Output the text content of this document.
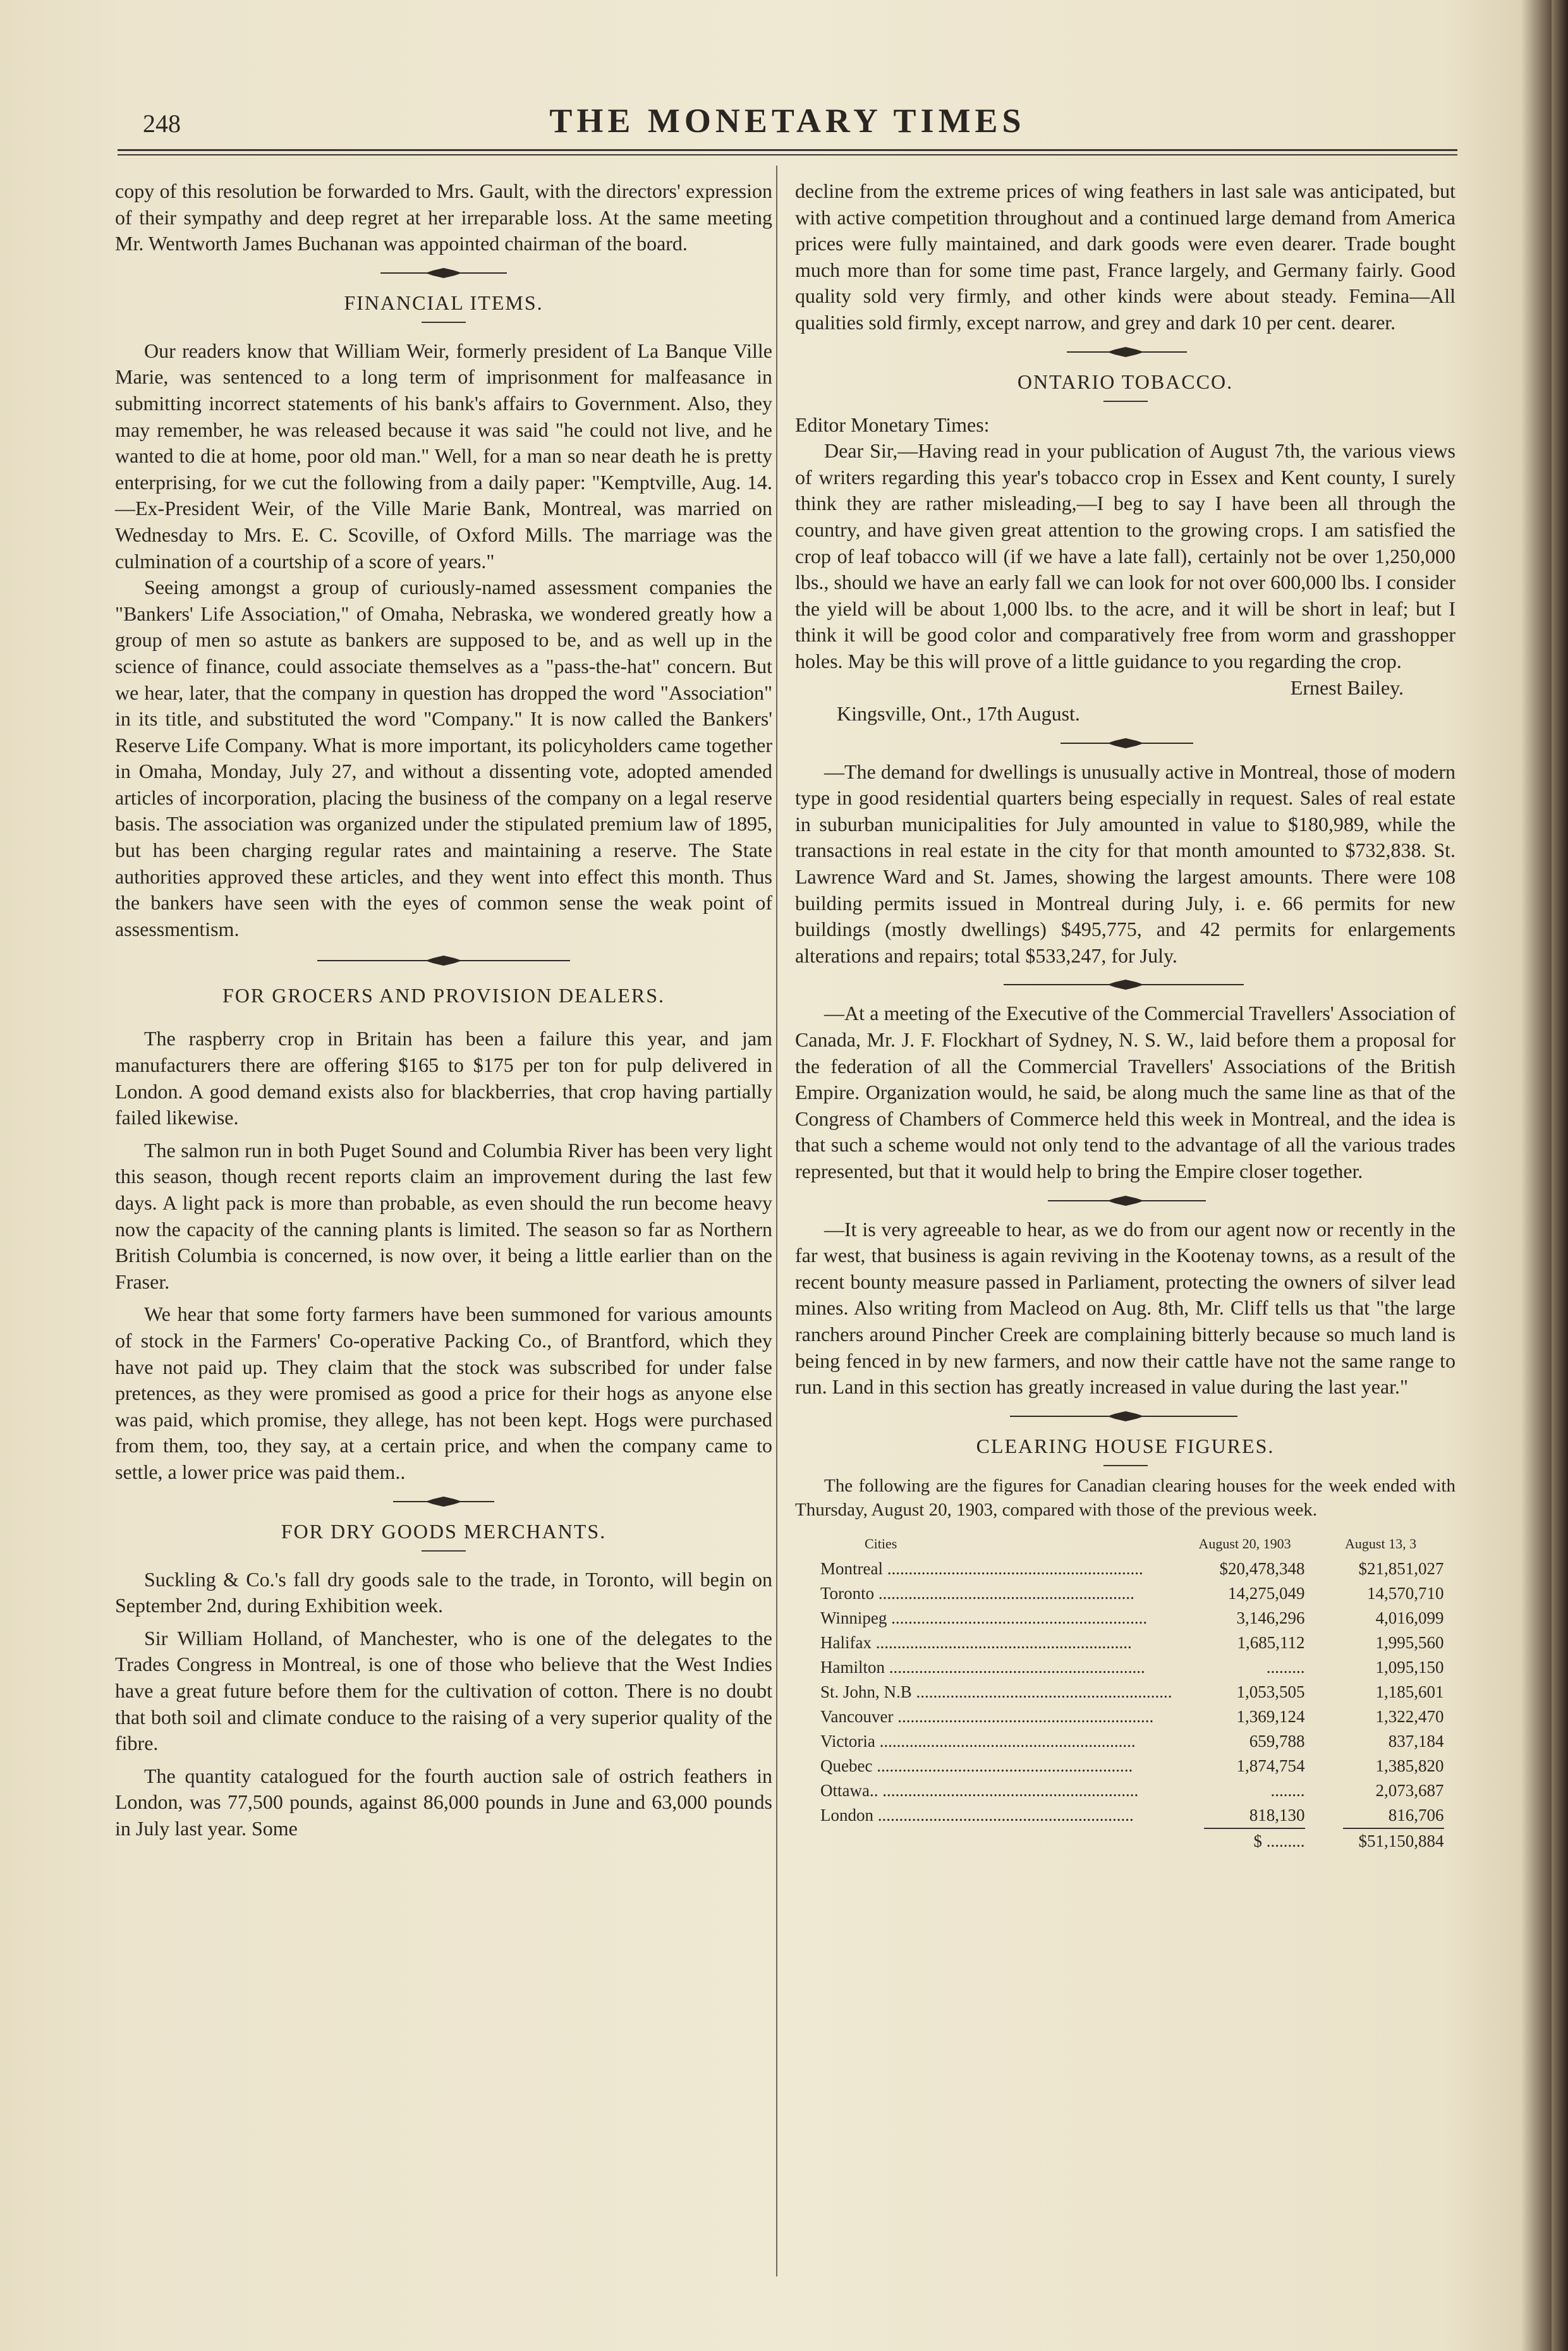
248	THE MONETARY TIMES

copy of this resolution be forwarded to Mrs. Gault, with the directors' expression of their sympathy and deep regret at her irreparable loss. At the same meeting Mr. Wentworth James Buchanan was appointed chairman of the board.

FINANCIAL ITEMS.

Our readers know that William Weir, formerly president of La Banque Ville Marie, was sentenced to a long term of imprisonment for malfeasance in submitting incorrect statements of his bank's affairs to Government. Also, they may remember, he was released because it was said "he could not live, and he wanted to die at home, poor old man." Well, for a man so near death he is pretty enterprising, for we cut the following from a daily paper: "Kemptville, Aug. 14.—Ex-President Weir, of the Ville Marie Bank, Montreal, was married on Wednesday to Mrs. E. C. Scoville, of Oxford Mills. The marriage was the culmination of a courtship of a score of years."

Seeing amongst a group of curiously-named assessment companies the "Bankers' Life Association," of Omaha, Nebraska, we wondered greatly how a group of men so astute as bankers are supposed to be, and as well up in the science of finance, could associate themselves as a "pass-the-hat" concern. But we hear, later, that the company in question has dropped the word "Association" in its title, and substituted the word "Company." It is now called the Bankers' Reserve Life Company. What is more important, its policyholders came together in Omaha, Monday, July 27, and without a dissenting vote, adopted amended articles of incorporation, placing the business of the company on a legal reserve basis. The association was organized under the stipulated premium law of 1895, but has been charging regular rates and maintaining a reserve. The State authorities approved these articles, and they went into effect this month. Thus the bankers have seen with the eyes of common sense the weak point of assessmentism.

FOR GROCERS AND PROVISION DEALERS.

The raspberry crop in Britain has been a failure this year, and jam manufacturers there are offering $165 to $175 per ton for pulp delivered in London. A good demand exists also for blackberries, that crop having partially failed likewise.

The salmon run in both Puget Sound and Columbia River has been very light this season, though recent reports claim an improvement during the last few days. A light pack is more than probable, as even should the run become heavy now the capacity of the canning plants is limited. The season so far as Northern British Columbia is concerned, is now over, it being a little earlier than on the Fraser.

We hear that some forty farmers have been summoned for various amounts of stock in the Farmers' Co-operative Packing Co., of Brantford, which they have not paid up. They claim that the stock was subscribed for under false pretences, as they were promised as good a price for their hogs as anyone else was paid, which promise, they allege, has not been kept. Hogs were purchased from them, too, they say, at a certain price, and when the company came to settle, a lower price was paid them..

FOR DRY GOODS MERCHANTS.

Suckling & Co.'s fall dry goods sale to the trade, in Toronto, will begin on September 2nd, during Exhibition week.

Sir William Holland, of Manchester, who is one of the delegates to the Trades Congress in Montreal, is one of those who believe that the West Indies have a great future before them for the cultivation of cotton. There is no doubt that both soil and climate conduce to the raising of a very superior quality of the fibre.

The quantity catalogued for the fourth auction sale of ostrich feathers in London, was 77,500 pounds, against 86,000 pounds in June and 63,000 pounds in July last year. Some

decline from the extreme prices of wing feathers in last sale was anticipated, but with active competition throughout and a continued large demand from America prices were fully maintained, and dark goods were even dearer. Trade bought much more than for some time past, France largely, and Germany fairly. Good quality sold very firmly, and other kinds were about steady. Femina—All qualities sold firmly, except narrow, and grey and dark 10 per cent. dearer.

ONTARIO TOBACCO.

Editor Monetary Times:

Dear Sir,—Having read in your publication of August 7th, the various views of writers regarding this year's tobacco crop in Essex and Kent county, I surely think they are rather misleading,—I beg to say I have been all through the country, and have given great attention to the growing crops. I am satisfied the crop of leaf tobacco will (if we have a late fall), certainly not be over 1,250,000 lbs., should we have an early fall we can look for not over 600,000 lbs. I consider the yield will be about 1,000 lbs. to the acre, and it will be short in leaf; but I think it will be good color and comparatively free from worm and grasshopper holes. May be this will prove of a little guidance to you regarding the crop.

Ernest Bailey.

Kingsville, Ont., 17th August.

—The demand for dwellings is unusually active in Montreal, those of modern type in good residential quarters being especially in request. Sales of real estate in suburban municipalities for July amounted in value to $180,989, while the transactions in real estate in the city for that month amounted to $732,838. St. Lawrence Ward and St. James, showing the largest amounts. There were 108 building permits issued in Montreal during July, i. e. 66 permits for new buildings (mostly dwellings) $495,775, and 42 permits for enlargements alterations and repairs; total $533,247, for July.

—At a meeting of the Executive of the Commercial Travellers' Association of Canada, Mr. J. F. Flockhart of Sydney, N. S. W., laid before them a proposal for the federation of all the Commercial Travellers' Associations of the British Empire. Organization would, he said, be along much the same line as that of the Congress of Chambers of Commerce held this week in Montreal, and the idea is that such a scheme would not only tend to the advantage of all the various trades represented, but that it would help to bring the Empire closer together.

—It is very agreeable to hear, as we do from our agent now or recently in the far west, that business is again reviving in the Kootenay towns, as a result of the recent bounty measure passed in Parliament, protecting the owners of silver lead mines. Also writing from Macleod on Aug. 8th, Mr. Cliff tells us that "the large ranchers around Pincher Creek are complaining bitterly because so much land is being fenced in by new farmers, and now their cattle have not the same range to run. Land in this section has greatly increased in value during the last year."

CLEARING HOUSE FIGURES.

The following are the figures for Canadian clearing houses for the week ended with Thursday, August 20, 1903, compared with those of the previous week.

Cities	August 20, 1903	August 13, 3
Montreal ............................................................	$20,478,348	$21,851,027
Toronto ............................................................	14,275,049	14,570,710
Winnipeg ............................................................	3,146,296	4,016,099
Halifax ............................................................	1,685,112	1,995,560
Hamilton ............................................................	.........	1,095,150
St. John, N.B ............................................................	1,053,505	1,185,601
Vancouver ............................................................	1,369,124	1,322,470
Victoria ............................................................	659,788	837,184
Quebec ............................................................	1,874,754	1,385,820
Ottawa.. ............................................................	........	2,073,687
London ............................................................	818,130	816,706

$ .........	$51,150,884
